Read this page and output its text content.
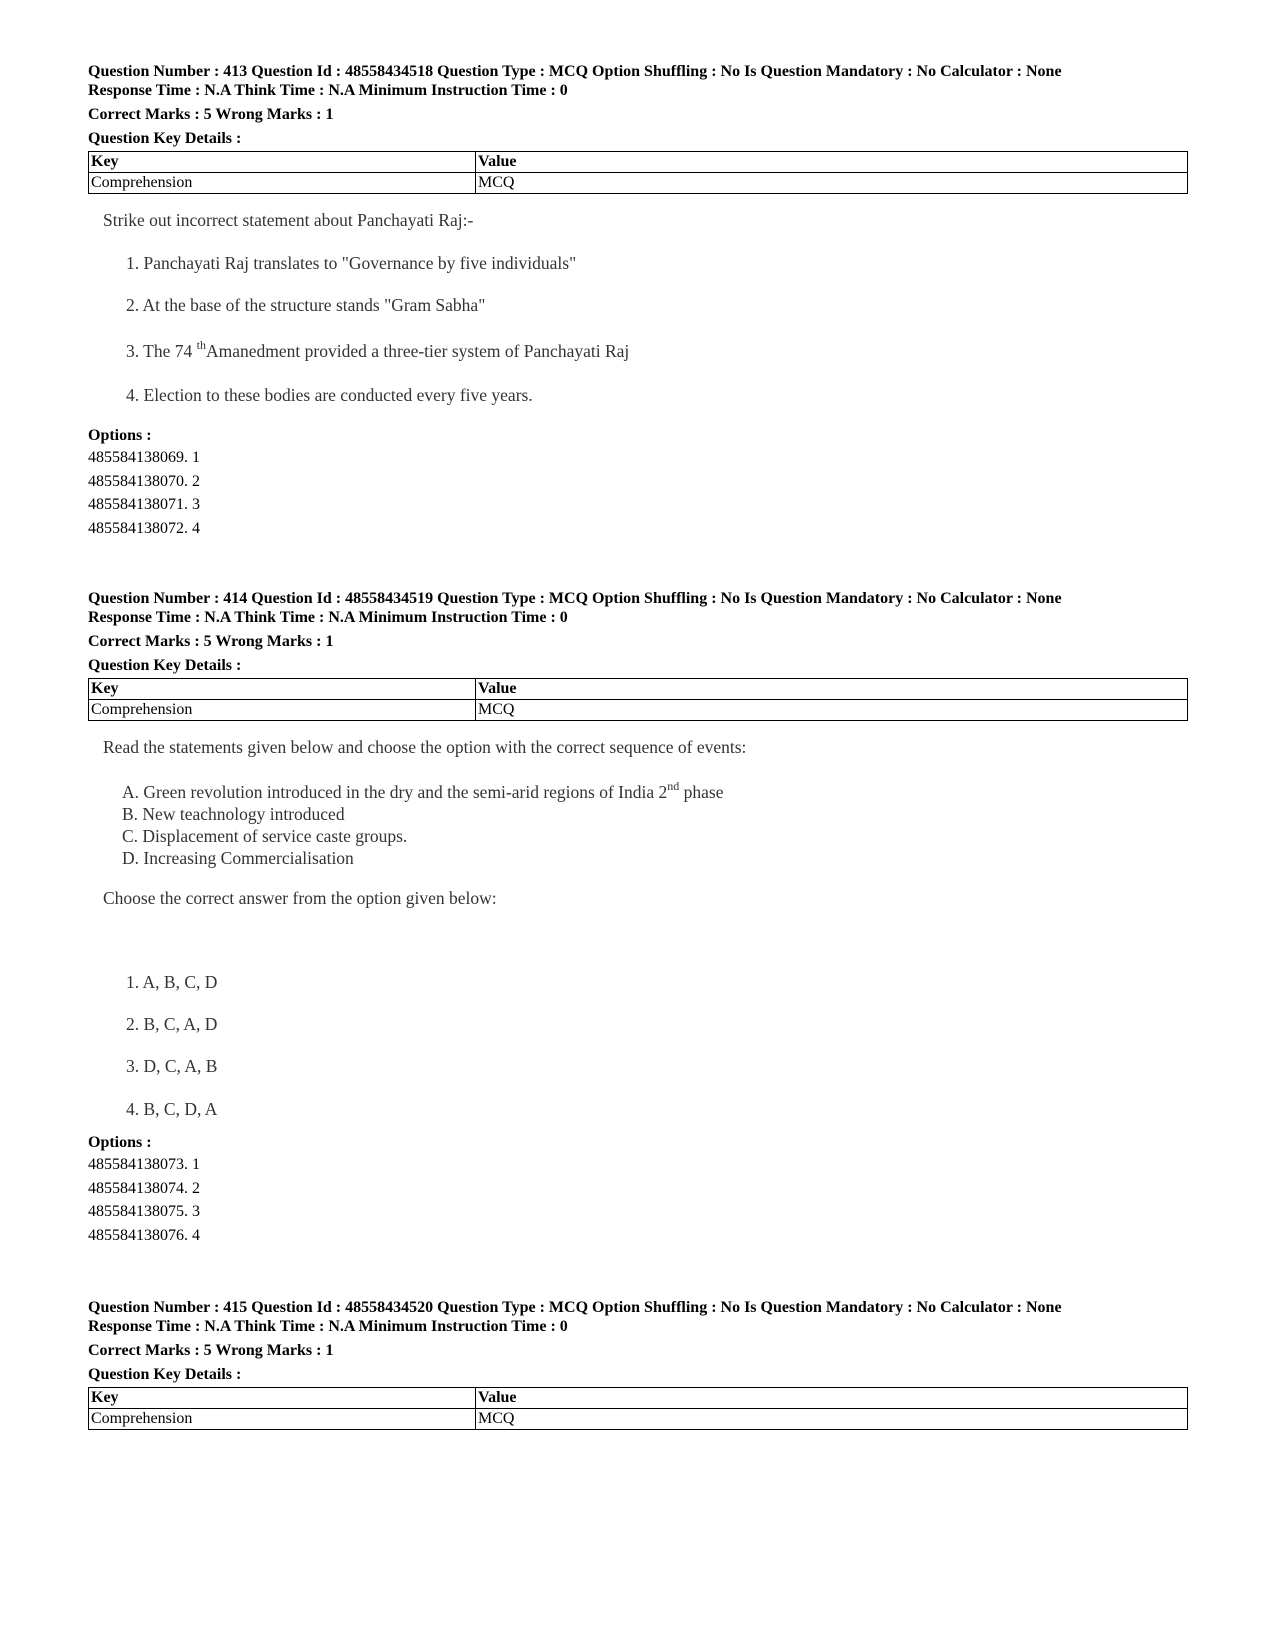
Question Number : 413 Question Id : 48558434518 Question Type : MCQ Option Shuffling : No Is Question Mandatory : No Calculator : None
Response Time : N.A Think Time : N.A Minimum Instruction Time : 0
Correct Marks : 5 Wrong Marks : 1
Question Key Details :
Key	Value
Comprehension	MCQ
Strike out incorrect statement about Panchayati Raj:-
1. Panchayati Raj translates to "Governance by five individuals"
2. At the base of the structure stands "Gram Sabha"
3. The 74 $^{th}$Amanedment provided a three-tier system of Panchayati Raj
4. Election to these bodies are conducted every five years.
Options :
485584138069. 1
485584138070. 2
485584138071. 3
485584138072. 4
Question Number : 414 Question Id : 48558434519 Question Type : MCQ Option Shuffling : No Is Question Mandatory : No Calculator : None
Response Time : N.A Think Time : N.A Minimum Instruction Time : 0
Correct Marks : 5 Wrong Marks : 1
Question Key Details :
Key	Value
Comprehension	MCQ
Read the statements given below and choose the option with the correct sequence of events:
A. Green revolution introduced in the dry and the semi-arid regions of India 2nd phase
B. New teachnology introduced
C. Displacement of service caste groups.
D. Increasing Commercialisation
Choose the correct answer from the option given below:
1. A, B, C, D
2. B, C, A, D
3. D, C, A, B
4. B, C, D, A
Options :
485584138073. 1
485584138074. 2
485584138075. 3
485584138076. 4
Question Number : 415 Question Id : 48558434520 Question Type : MCQ Option Shuffling : No Is Question Mandatory : No Calculator : None
Response Time : N.A Think Time : N.A Minimum Instruction Time : 0
Correct Marks : 5 Wrong Marks : 1
Question Key Details :
Key	Value
Comprehension	MCQ
